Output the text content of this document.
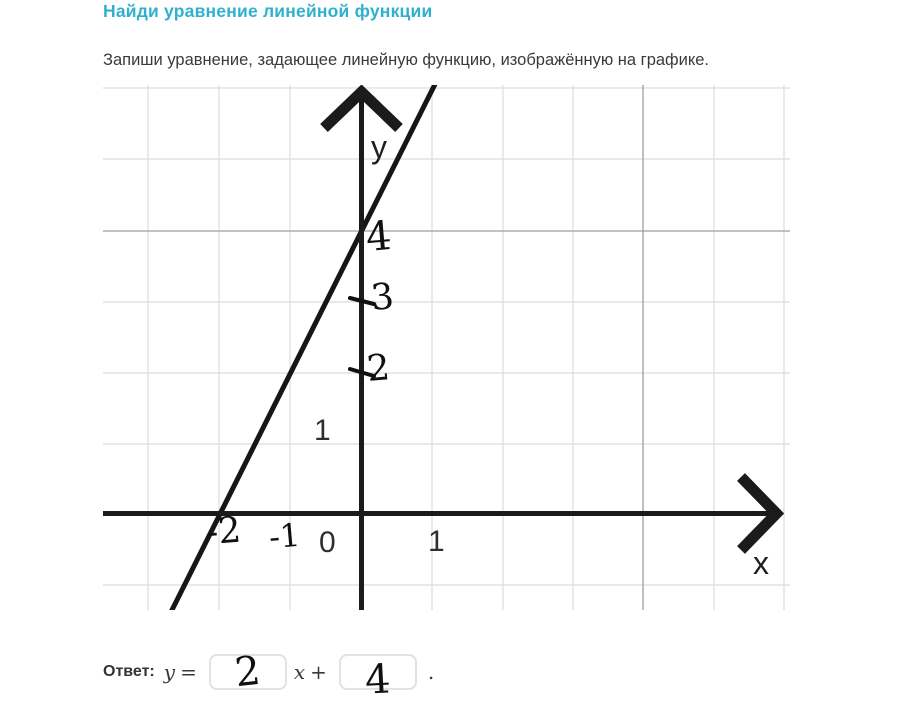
Найди уравнение линейной функции

Запиши уравнение, задающее линейную функцию, изображённую на графике.

y
x
4
3
2
-2 -1
1
0	1
Ответ: y = 2 x + 4 .
